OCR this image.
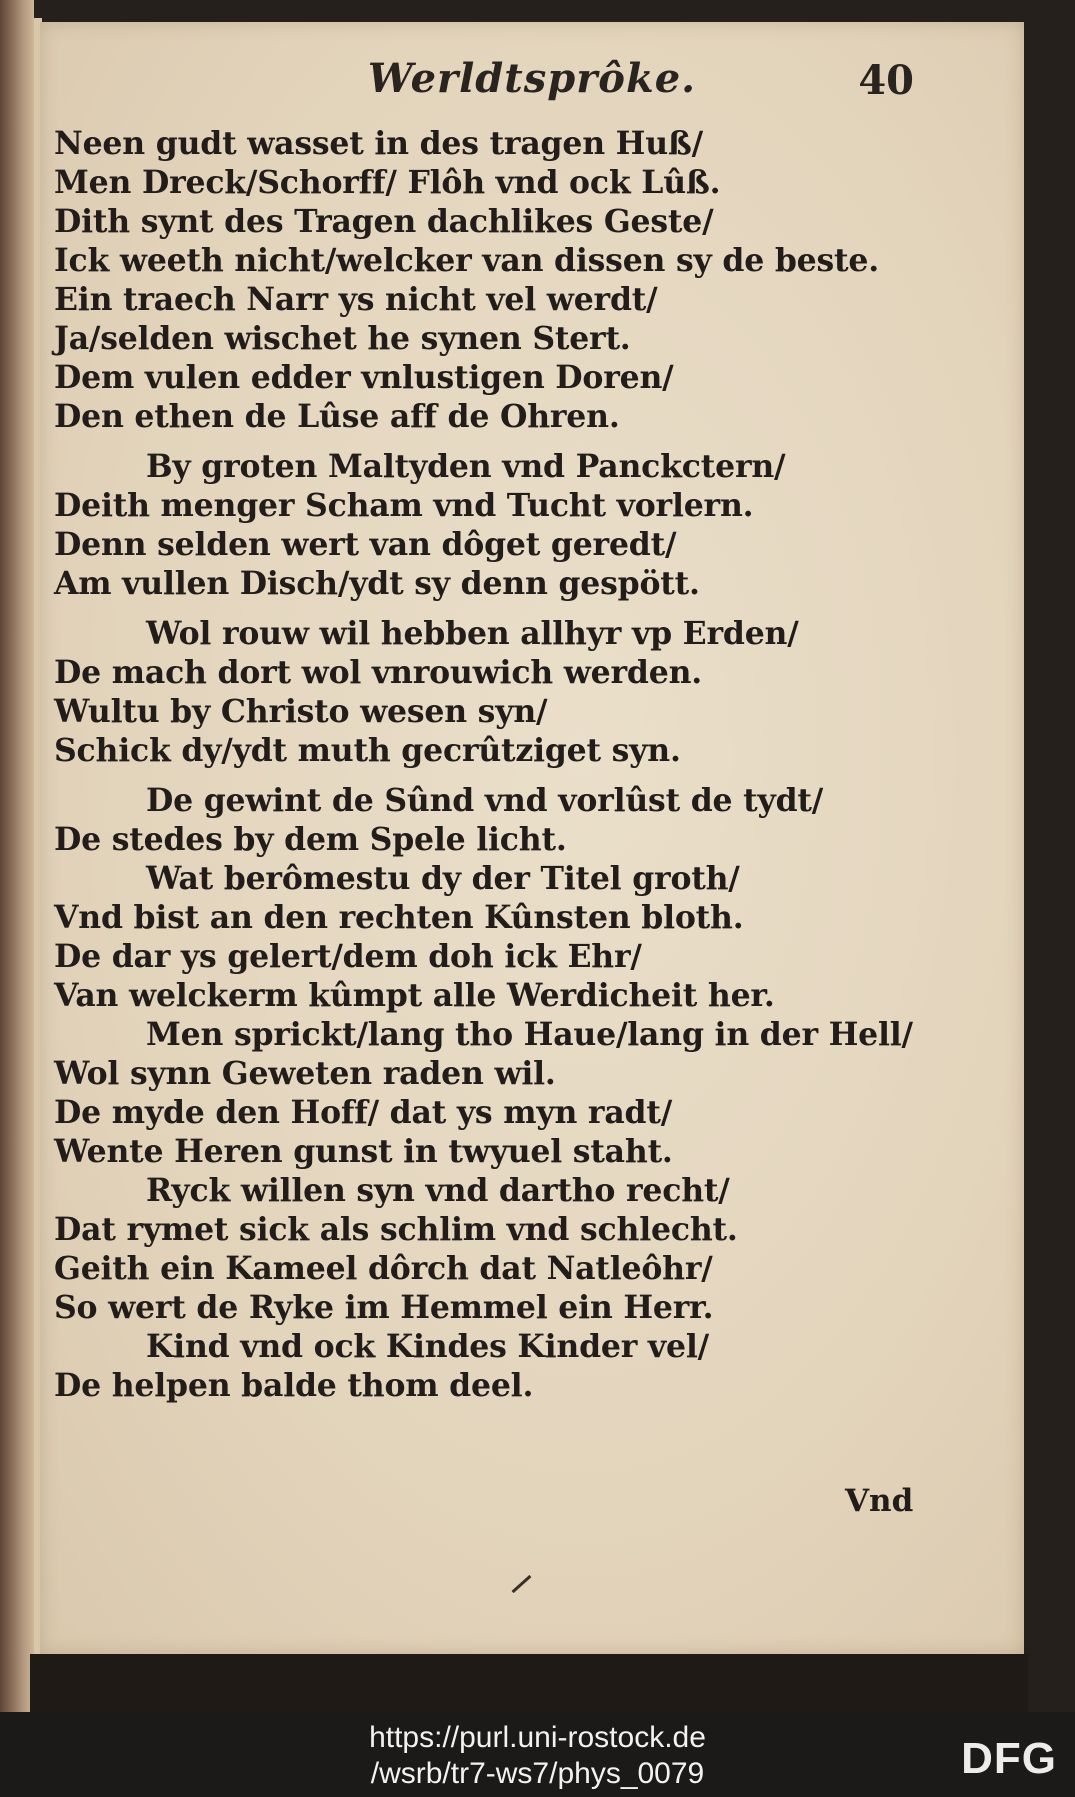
Werldtsprôke.	40
Neen gudt wasset in des tragen Huß/
Men Dreck/Schorff/ Flôh vnd ock Lûß.
Dith synt des Tragen dachlikes Geste/
Ick weeth nicht/welcker van dissen sy de beste.
Ein traech Narr ys nicht vel werdt/
Ja/selden wischet he synen Stert.
Dem vulen edder vnlustigen Doren/
Den ethen de Lûse aff de Ohren.
By groten Maltyden vnd Panckctern/
Deith menger Scham vnd Tucht vorlern.
Denn selden wert van dôget geredt/
Am vullen Disch/ydt sy denn gespött.
Wol rouw wil hebben allhyr vp Erden/
De mach dort wol vnrouwich werden.
Wultu by Christo wesen syn/
Schick dy/ydt muth gecrûtziget syn.
De gewint de Sûnd vnd vorlûst de tydt/
De stedes by dem Spele licht.
Wat berômestu dy der Titel groth/
Vnd bist an den rechten Kûnsten bloth.
De dar ys gelert/dem doh ick Ehr/
Van welckerm kûmpt alle Werdicheit her.
Men sprickt/lang tho Haue/lang in der Hell/
Wol synn Geweten raden wil.
De myde den Hoff/ dat ys myn radt/
Wente Heren gunst in twyuel staht.
Ryck willen syn vnd dartho recht/
Dat rymet sick als schlim vnd schlecht.
Geith ein Kameel dôrch dat Natleôhr/
So wert de Ryke im Hemmel ein Herr.
Kind vnd ock Kindes Kinder vel/
De helpen balde thom deel.
Vnd
https://purl.uni-rostock.de
/wsrb/tr7-ws7/phys_0079	DFG
